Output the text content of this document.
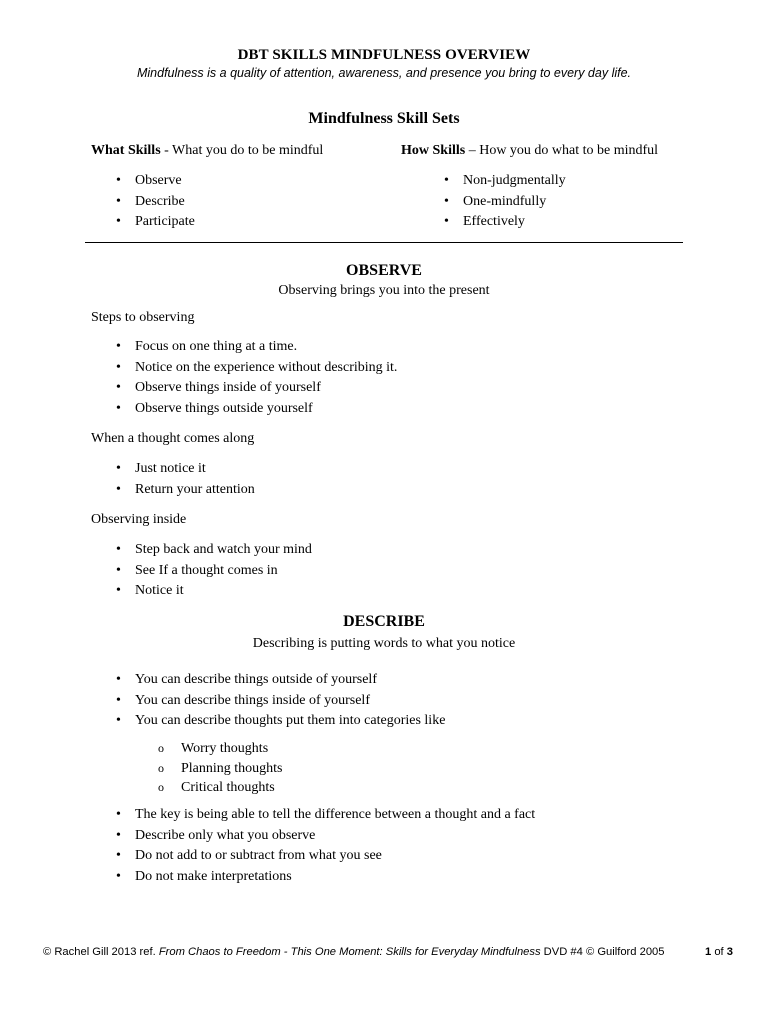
DBT SKILLS MINDFULNESS OVERVIEW
Mindfulness is a quality of attention, awareness, and presence you bring to every day life.
Mindfulness Skill Sets
What Skills - What you do to be mindful	How Skills – How you do what to be mindful
• Observe
• Describe
• Participate
• Non-judgmentally
• One-mindfully
• Effectively
OBSERVE
Observing brings you into the present
Steps to observing
• Focus on one thing at a time.
• Notice on the experience without describing it.
• Observe things inside of yourself
• Observe things outside yourself
When a thought comes along
• Just notice it
• Return your attention
Observing inside
• Step back and watch your mind
• See If a thought comes in
• Notice it
DESCRIBE
Describing is putting words to what you notice
• You can describe things outside of yourself
• You can describe things inside of yourself
• You can describe thoughts put them into categories like
o Worry thoughts
o Planning thoughts
o Critical thoughts
• The key is being able to tell the difference between a thought and a fact
• Describe only what you observe
• Do not add to or subtract from what you see
• Do not make interpretations
© Rachel Gill 2013 ref. From Chaos to Freedom - This One Moment: Skills for Everyday Mindfulness DVD #4 © Guilford 2005	1 of 3
